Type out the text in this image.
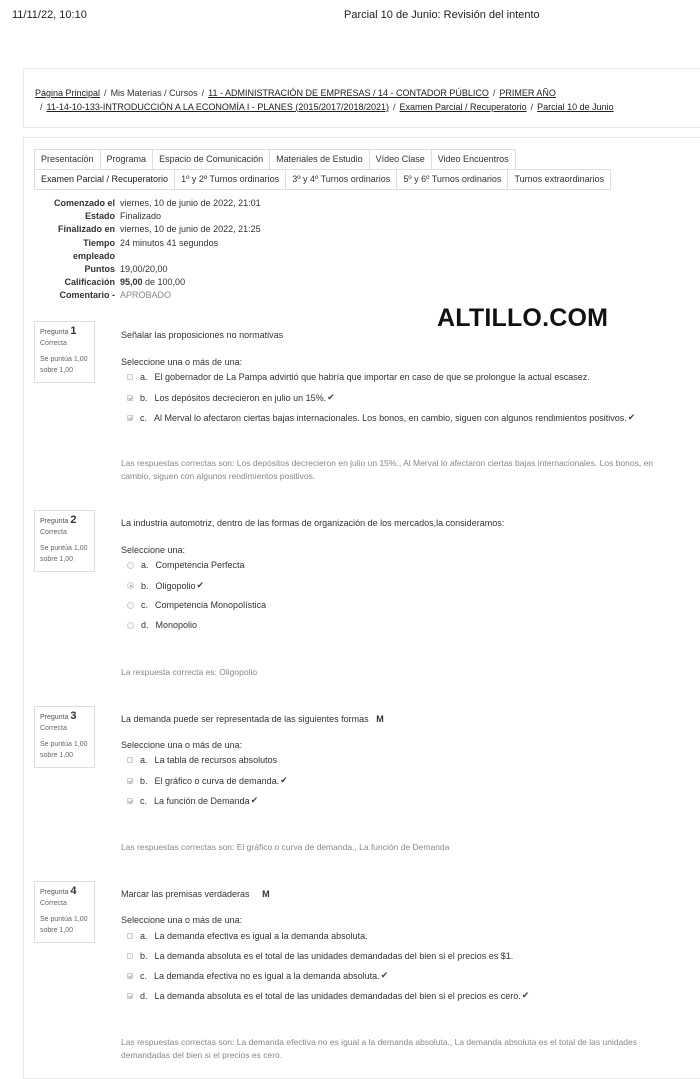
11/11/22, 10:10	Parcial 10 de Junio: Revisión del intento
Página Principal / Mis Materias / Cursos / 11 - ADMINISTRACIÓN DE EMPRESAS / 14 - CONTADOR PÚBLICO / PRIMER AÑO
/ 11-14-10-133-INTRODUCCIÓN A LA ECONOMÍA I - PLANES (2015/2017/2018/2021) / Examen Parcial / Recuperatorio / Parcial 10 de Junio
Presentación	Programa	Espacio de Comunicación	Materiales de Estudio	Vídeo Clase	Video Encuentros
Examen Parcial / Recuperatorio	1º y 2º Turnos ordinarios	3º y 4º Turnos ordinarios	5º y 6º Turnos ordinarios	Turnos extraordinarios
Comenzado el viernes, 10 de junio de 2022, 21:01
Estado Finalizado
Finalizado en viernes, 10 de junio de 2022, 21:25
Tiempo
empleado
24 minutos 41 segundos
Puntos 19,00/20,00
Calificación 95,00 de 100,00
Comentario - APROBADO
ALTILLO.COM
Pregunta 1
Correcta
Se puntúa 1,00
sobre 1,00
Señalar las proposiciones no normativas
Seleccione una o más de una:
a. El gobernador de La Pampa advirtió que habría que importar en caso de que se prolongue la actual escasez.
b. Los depósitos decrecieron en julio un 15%. ✔
c. Al Merval lo afectaron ciertas bajas internacionales. Los bonos, en cambio, siguen con algunos rendimientos positivos. ✔
Las respuestas correctas son: Los depósitos decrecieron en julio un 15%., Al Merval lo afectaron ciertas bajas internacionales. Los bonos, en cambio, siguen con algunos rendimientos positivos.
Pregunta 2
Correcta
Se puntúa 1,00
sobre 1,00
La industria automotriz, dentro de las formas de organización de los mercados,la consideramos:
Seleccione una:
a. Competencia Perfecta
b. Oligopolio ✔
c. Competencia Monopolística
d. Monopolio
La respuesta correcta es: Oligopolio
Pregunta 3
Correcta
Se puntúa 1,00
sobre 1,00
La demanda puede ser representada de las siguientes formas M
Seleccione una o más de una:
a. La tabla de recursos absolutos
b. El gráfico o curva de demanda. ✔
c. La función de Demanda ✔
Las respuestas correctas son: El gráfico o curva de demanda., La función de Demanda
Pregunta 4
Correcta
Se puntúa 1,00
sobre 1,00
Marcar las premisas verdaderas M
Seleccione una o más de una:
a. La demanda efectiva es igual a la demanda absoluta.
b. La demanda absoluta es el total de las unidades demandadas del bien si el precios es $1.
c. La demanda efectiva no es igual a la demanda absoluta. ✔
d. La demanda absoluta es el total de las unidades demandadas del bien si el precios es cero. ✔
Las respuestas correctas son: La demanda efectiva no es igual a la demanda absoluta., La demanda absoluta es el total de las unidades demandadas del bien si el precios es cero.
